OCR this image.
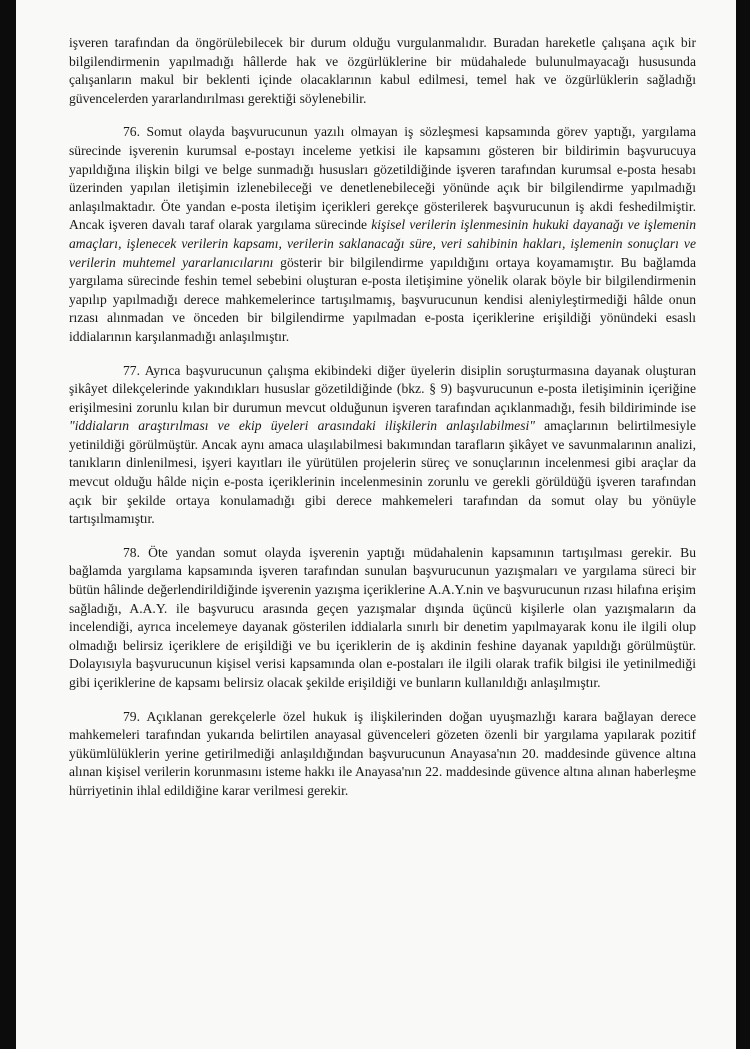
işveren tarafından da öngörülebilecek bir durum olduğu vurgulanmalıdır. Buradan hareketle çalışana açık bir bilgilendirmenin yapılmadığı hâllerde hak ve özgürlüklerine bir müdahalede bulunulmayacağı hususunda çalışanların makul bir beklenti içinde olacaklarının kabul edilmesi, temel hak ve özgürlüklerin sağladığı güvencelerden yararlandırılması gerektiği söylenebilir.

76. Somut olayda başvurucunun yazılı olmayan iş sözleşmesi kapsamında görev yaptığı, yargılama sürecinde işverenin kurumsal e-postayı inceleme yetkisi ile kapsamını gösteren bir bildirimin başvurucuya yapıldığına ilişkin bilgi ve belge sunmadığı hususları gözetildiğinde işveren tarafından kurumsal e-posta hesabı üzerinden yapılan iletişimin izlenebileceği ve denetlenebileceği yönünde açık bir bilgilendirme yapılmadığı anlaşılmaktadır. Öte yandan e-posta iletişim içerikleri gerekçe gösterilerek başvurucunun iş akdi feshedilmiştir. Ancak işveren davalı taraf olarak yargılama sürecinde kişisel verilerin işlenmesinin hukuki dayanağı ve işlemenin amaçları, işlenecek verilerin kapsamı, verilerin saklanacağı süre, veri sahibinin hakları, işlemenin sonuçları ve verilerin muhtemel yararlanıcılarını gösterir bir bilgilendirme yapıldığını ortaya koyamamıştır. Bu bağlamda yargılama sürecinde feshin temel sebebini oluşturan e-posta iletişimine yönelik olarak böyle bir bilgilendirmenin yapılıp yapılmadığı derece mahkemelerince tartışılmamış, başvurucunun kendisi aleniyleştirmediği hâlde onun rızası alınmadan ve önceden bir bilgilendirme yapılmadan e-posta içeriklerine erişildiği yönündeki esaslı iddialarının karşılanmadığı anlaşılmıştır.

77. Ayrıca başvurucunun çalışma ekibindeki diğer üyelerin disiplin soruşturmasına dayanak oluşturan şikâyet dilekçelerinde yakındıkları hususlar gözetildiğinde (bkz. § 9) başvurucunun e-posta iletişiminin içeriğine erişilmesini zorunlu kılan bir durumun mevcut olduğunun işveren tarafından açıklanmadığı, fesih bildiriminde ise "iddiaların araştırılması ve ekip üyeleri arasındaki ilişkilerin anlaşılabilmesi" amaçlarının belirtilmesiyle yetinildiği görülmüştür. Ancak aynı amaca ulaşılabilmesi bakımından tarafların şikâyet ve savunmalarının analizi, tanıkların dinlenilmesi, işyeri kayıtları ile yürütülen projelerin süreç ve sonuçlarının incelenmesi gibi araçlar da mevcut olduğu hâlde niçin e-posta içeriklerinin incelenmesinin zorunlu ve gerekli görüldüğü işveren tarafından açık bir şekilde ortaya konulamadığı gibi derece mahkemeleri tarafından da somut olay bu yönüyle tartışılmamıştır.

78. Öte yandan somut olayda işverenin yaptığı müdahalenin kapsamının tartışılması gerekir. Bu bağlamda yargılama kapsamında işveren tarafından sunulan başvurucunun yazışmaları ve yargılama süreci bir bütün hâlinde değerlendirildiğinde işverenin yazışma içeriklerine A.A.Y.nin ve başvurucunun rızası hilafına erişim sağladığı, A.A.Y. ile başvurucu arasında geçen yazışmalar dışında üçüncü kişilerle olan yazışmaların da incelendiği, ayrıca incelemeye dayanak gösterilen iddialarla sınırlı bir denetim yapılmayarak konu ile ilgili olup olmadığı belirsiz içeriklere de erişildiği ve bu içeriklerin de iş akdinin feshine dayanak yapıldığı görülmüştür. Dolayısıyla başvurucunun kişisel verisi kapsamında olan e-postaları ile ilgili olarak trafik bilgisi ile yetinilmediği gibi içeriklerine de kapsamı belirsiz olacak şekilde erişildiği ve bunların kullanıldığı anlaşılmıştır.

79. Açıklanan gerekçelerle özel hukuk iş ilişkilerinden doğan uyuşmazlığı karara bağlayan derece mahkemeleri tarafından yukarıda belirtilen anayasal güvenceleri gözeten özenli bir yargılama yapılarak pozitif yükümlülüklerin yerine getirilmediği anlaşıldığından başvurucunun Anayasa'nın 20. maddesinde güvence altına alınan kişisel verilerin korunmasını isteme hakkı ile Anayasa'nın 22. maddesinde güvence altına alınan haberleşme hürriyetinin ihlal edildiğine karar verilmesi gerekir.
